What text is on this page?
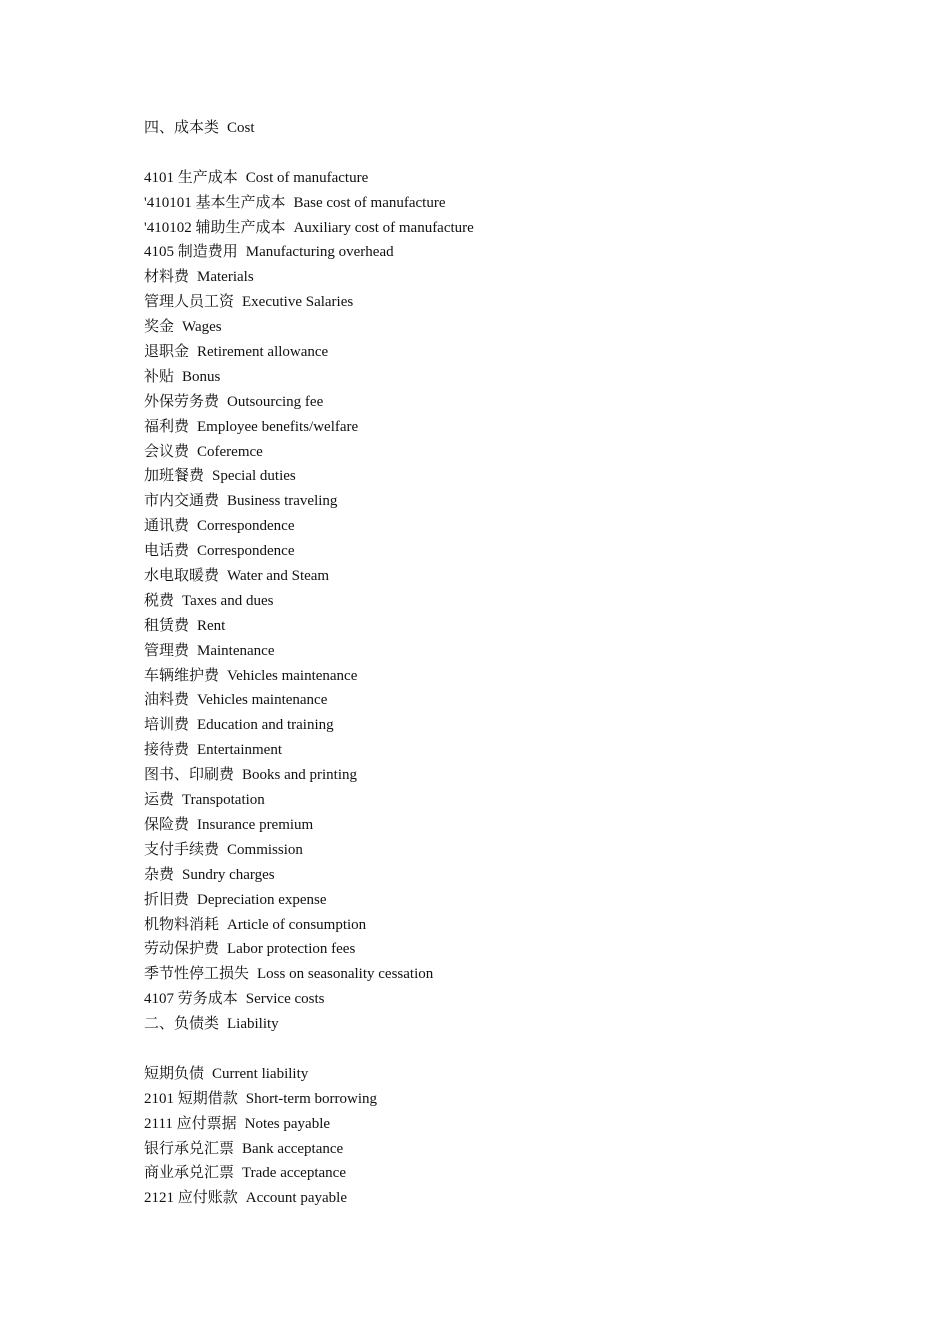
四、成本类 Cost
4101 生产成本 Cost of manufacture
'410101 基本生产成本 Base cost of manufacture
'410102 辅助生产成本 Auxiliary cost of manufacture
4105 制造费用 Manufacturing overhead
材料费 Materials
管理人员工资 Executive Salaries
奖金 Wages
退职金 Retirement allowance
补贴 Bonus
外保劳务费 Outsourcing fee
福利费 Employee benefits/welfare
会议费 Coferemce
加班餐费 Special duties
市内交通费 Business traveling
通讯费 Correspondence
电话费 Correspondence
水电取暖费 Water and Steam
税费 Taxes and dues
租赁费 Rent
管理费 Maintenance
车辆维护费 Vehicles maintenance
油料费 Vehicles maintenance
培训费 Education and training
接待费 Entertainment
图书、印刷费 Books and printing
运费 Transpotation
保险费 Insurance premium
支付手续费 Commission
杂费 Sundry charges
折旧费 Depreciation expense
机物料消耗 Article of consumption
劳动保护费 Labor protection fees
季节性停工损失 Loss on seasonality cessation
4107 劳务成本 Service costs
二、负债类 Liability
短期负债 Current liability
2101 短期借款 Short-term borrowing
2111 应付票据 Notes payable
银行承兑汇票 Bank acceptance
商业承兑汇票 Trade acceptance
2121 应付账款 Account payable
